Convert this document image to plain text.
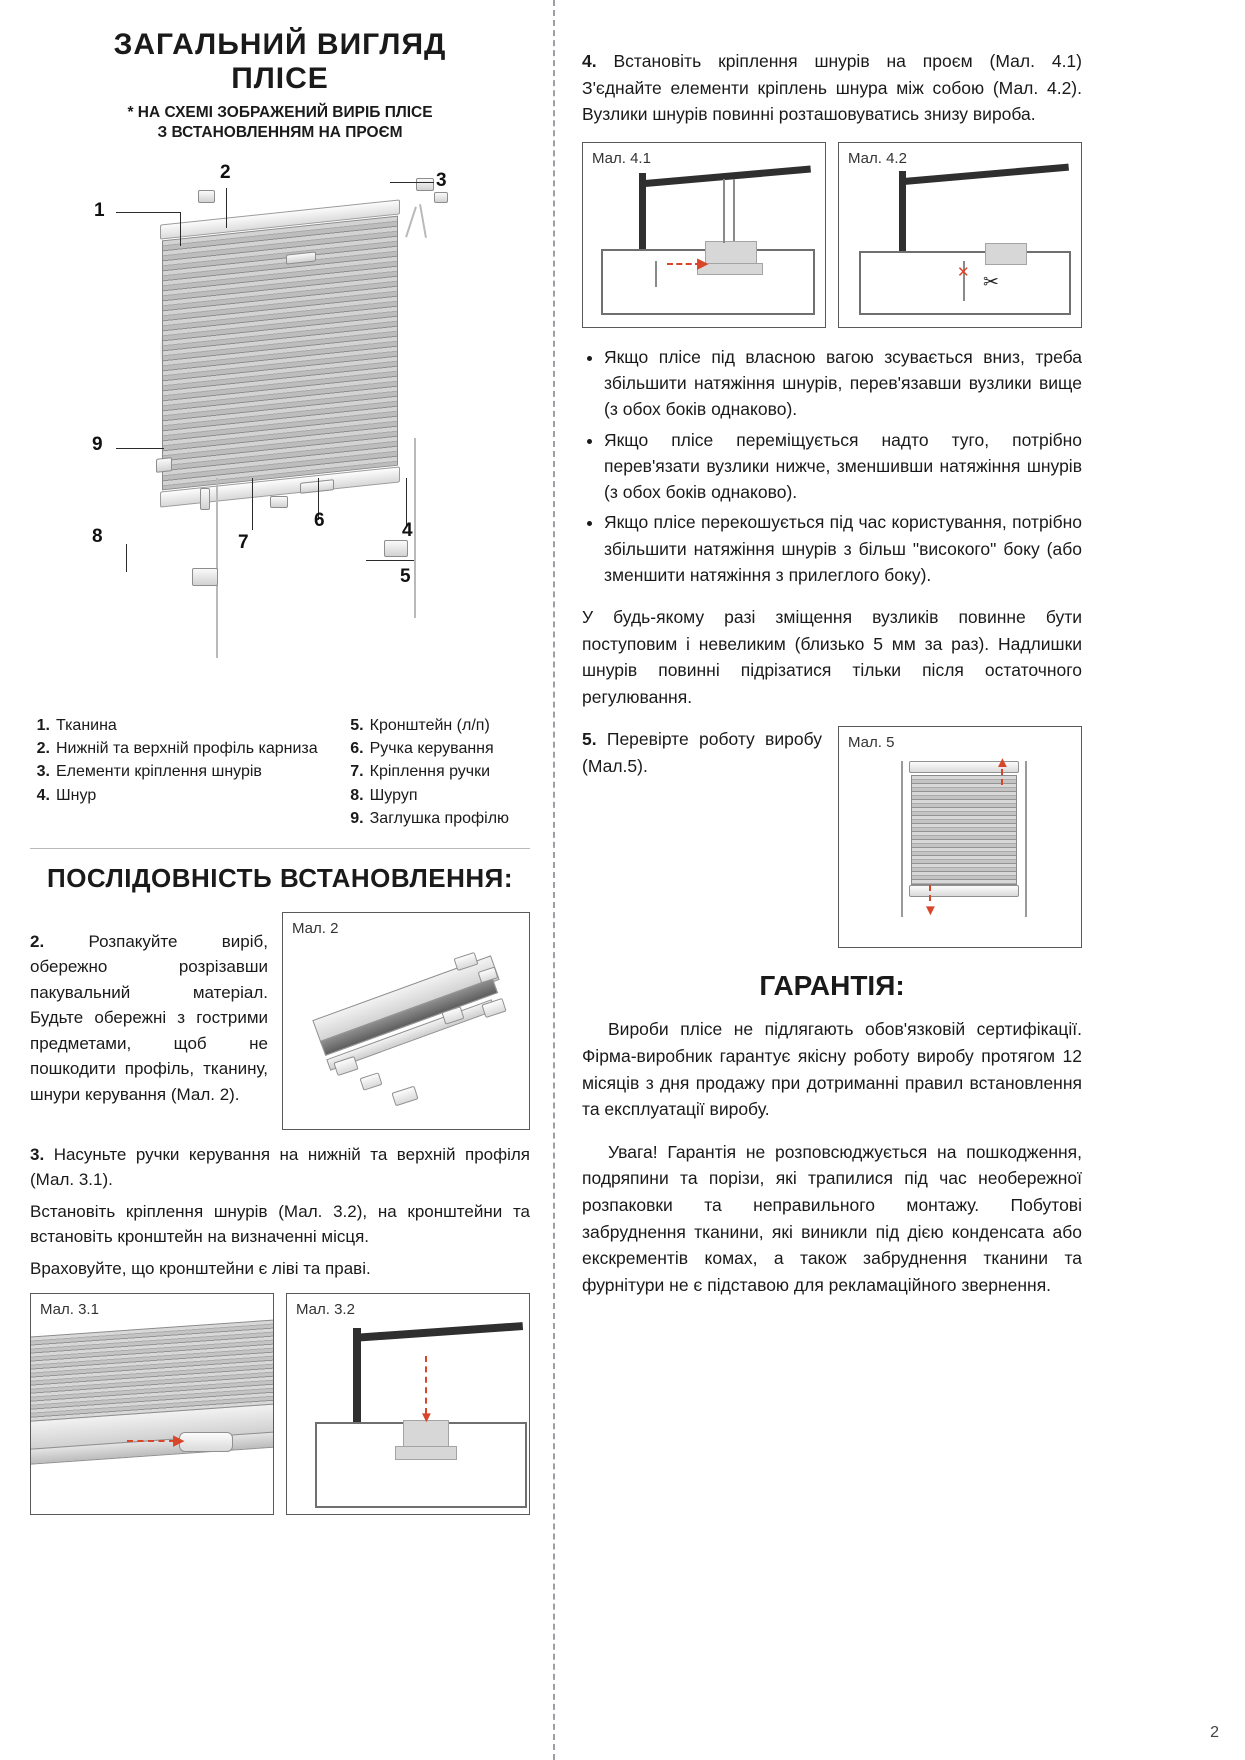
ЗАГАЛЬНИЙ ВИГЛЯД
ПЛІСЕ

* НА СХЕМІ ЗОБРАЖЕНИЙ ВИРІБ ПЛІСЕ
З ВСТАНОВЛЕННЯМ НА ПРОЄМ

1
2	3
9
8	7
6	4
5
1. Тканина
2. Нижній та верхній профіль карниза
3. Елементи кріплення шнурів
4. Шнур
5. Кронштейн (л/п)
6. Ручка керування
7. Кріплення ручки
8. Шуруп
9. Заглушка профілю
ПОСЛІДОВНІСТЬ ВСТАНОВЛЕННЯ:

2.	Розпакуйте виріб, обережно розрізавши пакувальний матеріал. Будьте обережні з гострими предметами, щоб не пошкодити профіль, тканину, шнури керування (Мал. 2).

Мал. 2

3. Насуньте ручки керування на нижній та верхній профіля (Мал. 3.1).

Встановіть кріплення шнурів (Мал. 3.2), на кронштейни та встановіть кронштейн на визначенні місця.

Враховуйте, що кронштейни є ліві та праві.

Мал. 3.1
▶
Мал. 3.2
▼

4. Встановіть кріплення шнурів на проєм (Мал. 4.1) З'єднайте елементи кріплень шнура між собою (Мал. 4.2). Вузлики шнурів повинні розташовуватись знизу вироба.

Мал. 4.1
▶
Мал. 4.2
✂
✕
• Якщо пліcе під власною вагою зсувається вниз, треба збільшити натяжіння шнурів, перев'язавши вузлики вище (з обох боків однаково).
• Якщо пліcе переміщується надто туго, потрібно перев'язати вузлики нижче, зменшивши натяжіння шнурів (з обох боків однаково).
• Якщо пліcе перекошується під час користування, потрібно збільшити натяжіння шнурів з більш "високого" боку (або зменшити натяжіння з прилеглого боку).

У будь-якому разі зміщення вузликів повинне бути поступовим і невеликим (близько 5 мм за раз). Надлишки шнурів повинні підрізатися тільки після остаточного регулювання.

5. Перевірте роботу виробу (Мал.5).

Мал. 5
▲
▼
ГАРАНТІЯ:

Вироби пліcе не підлягають обов'язковій сертифікації. Фірма-виробник гарантує якісну роботу виробу протягом 12 місяців з дня продажу при дотриманні правил встановлення та експлуатації виробу.

Увага! Гарантія не розповсюджується на пошкодження, подряпини та порізи, які трапилися під час необережної розпаковки та неправильного монтажу. Побутові забруднення тканини, які виникли під дією конденсата або екскрементів комах, а також забруднення тканини та фурнітури не є підставою для рекламаційного звернення.

2
